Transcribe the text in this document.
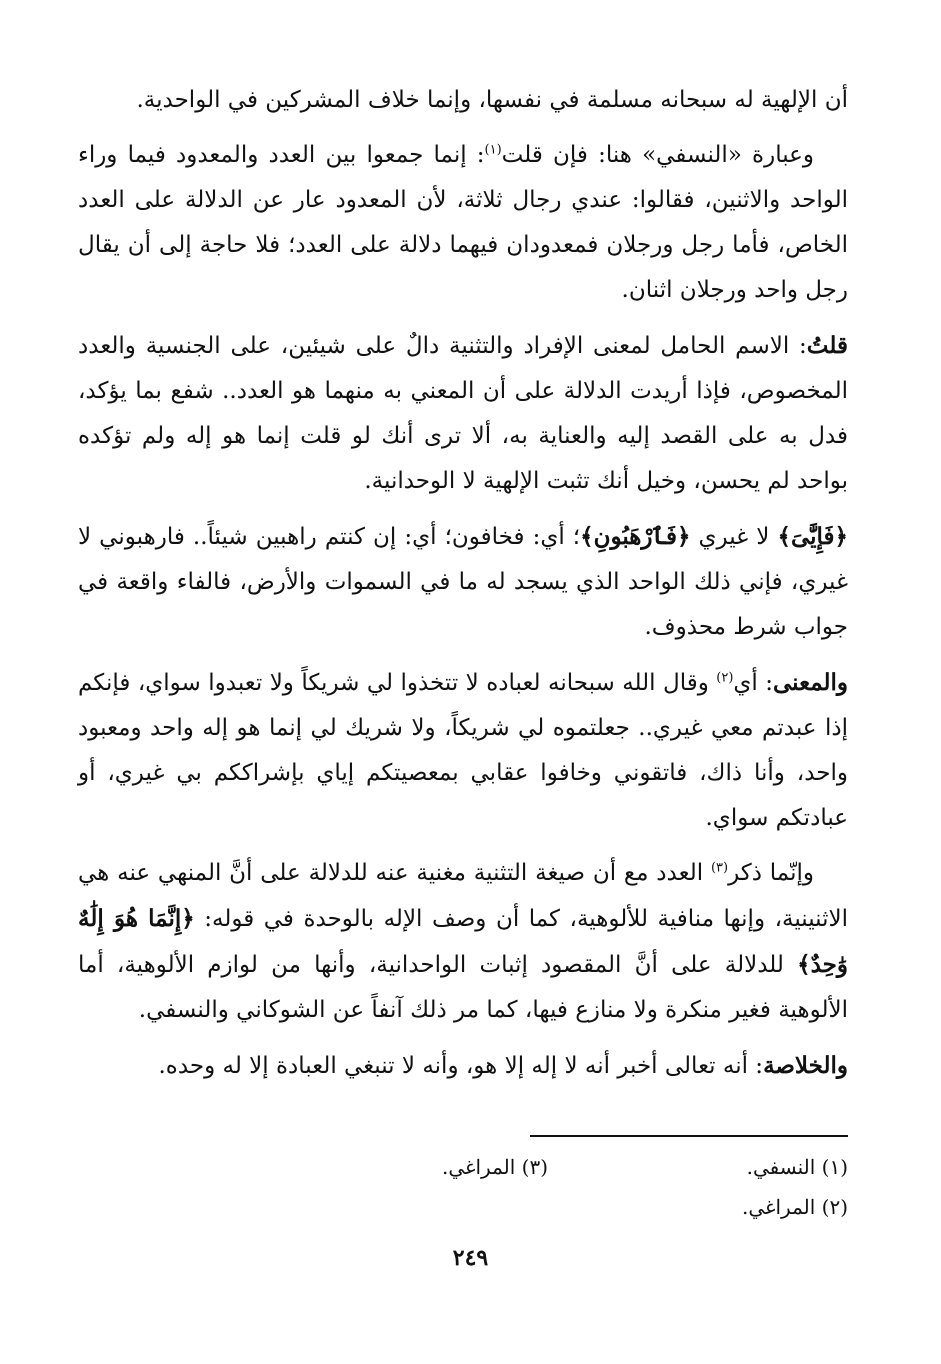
أن الإلهية له سبحانه مسلمة في نفسها، وإنما خلاف المشركين في الواحدية.

وعبارة «النسفي» هنا: فإن قلت$^{(١)}$: إنما جمعوا بين العدد والمعدود فيما وراء الواحد والاثنين، فقالوا: عندي رجال ثلاثة، لأن المعدود عار عن الدلالة على العدد الخاص، فأما رجل ورجلان فمعدودان فيهما دلالة على العدد؛ فلا حاجة إلى أن يقال رجل واحد ورجلان اثنان.

قلتُ: الاسم الحامل لمعنى الإفراد والتثنية دالٌ على شيئين، على الجنسية والعدد المخصوص، فإذا أريدت الدلالة على أن المعني به منهما هو العدد.. شفع بما يؤكد، فدل به على القصد إليه والعناية به، ألا ترى أنك لو قلت إنما هو إله ولم تؤكده بواحد لم يحسن، وخيل أنك تثبت الإلهية لا الوحدانية.

﴿فَإِيَّٰىَ﴾ لا غيري ﴿فَٱرْهَبُونِ﴾؛ أي: فخافون؛ أي: إن كنتم راهبين شيئاً.. فارهبوني لا غيري، فإني ذلك الواحد الذي يسجد له ما في السموات والأرض، فالفاء واقعة في جواب شرط محذوف.

والمعنى: أي$^{(٢)}$ وقال الله سبحانه لعباده لا تتخذوا لي شريكاً ولا تعبدوا سواي، فإنكم إذا عبدتم معي غيري.. جعلتموه لي شريكاً، ولا شريك لي إنما هو إله واحد ومعبود واحد، وأنا ذاك، فاتقوني وخافوا عقابي بمعصيتكم إياي بإشراككم بي غيري، أو عبادتكم سواي.

وإنّما ذكر$^{(٣)}$ العدد مع أن صيغة التثنية مغنية عنه للدلالة على أنَّ المنهي عنه هي الاثنينية، وإنها منافية للألوهية، كما أن وصف الإله بالوحدة في قوله: ﴿إِنَّمَا هُوَ إِلَٰهٌ وَٰحِدٌ﴾ للدلالة على أنَّ المقصود إثبات الواحدانية، وأنها من لوازم الألوهية، أما الألوهية فغير منكرة ولا منازع فيها، كما مر ذلك آنفاً عن الشوكاني والنسفي.

والخلاصة: أنه تعالى أخبر أنه لا إله إلا هو، وأنه لا تنبغي العبادة إلا له وحده.

(١) النسفي.
(٣) المراغي.
(٢) المراغي.
٢٤٩
